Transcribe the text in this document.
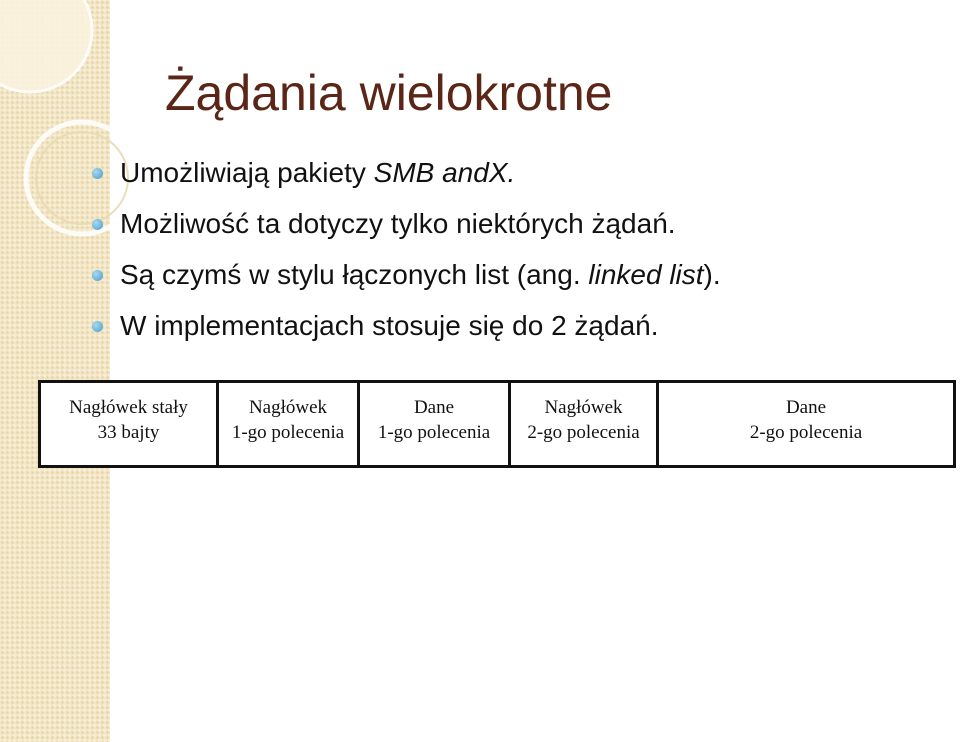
Żądania wielokrotne
Umożliwiają pakiety SMB andX.
Możliwość ta dotyczy tylko niektórych żądań.
Są czymś w stylu łączonych list (ang. linked list).
W implementacjach stosuje się do 2 żądań.
Nagłówek stały
33 bajty
Nagłówek
1-go polecenia
Dane
1-go polecenia
Nagłówek
2-go polecenia
Dane
2-go polecenia
